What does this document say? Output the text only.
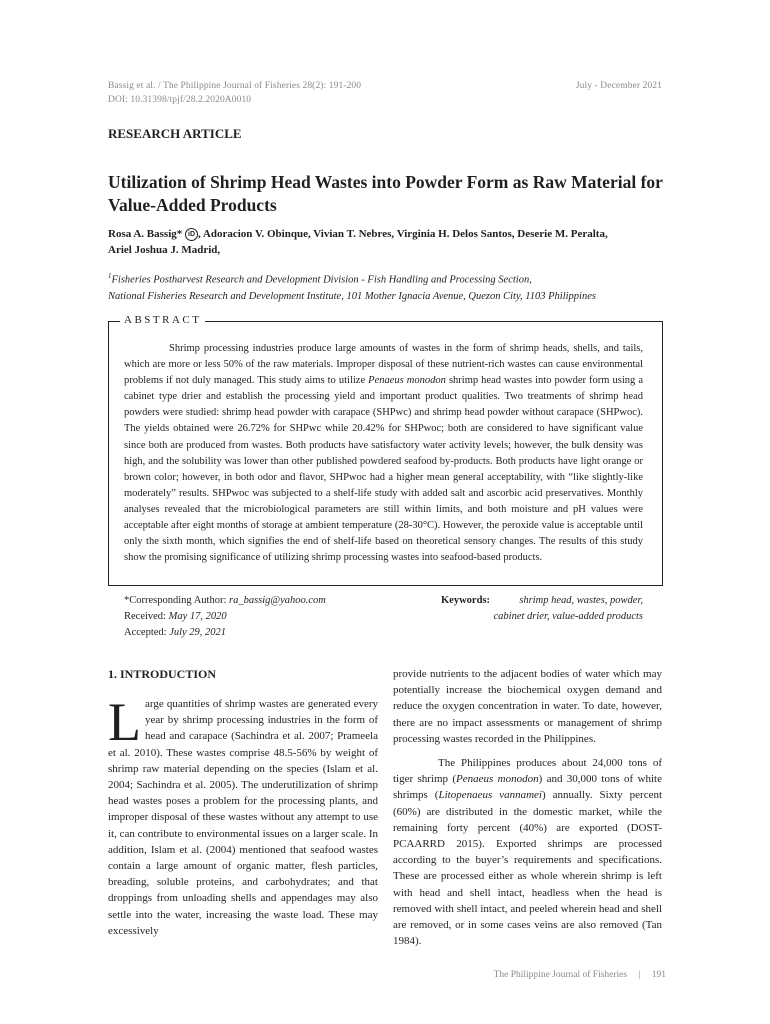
Bassig et al. / The Philippine Journal of Fisheries 28(2): 191-200
DOI: 10.31398/tpjf/28.2.2020A0010
July - December 2021
RESEARCH ARTICLE
Utilization of Shrimp Head Wastes into Powder Form as Raw Material for Value-Added Products
Rosa A. Bassig* iD , Adoracion V. Obinque, Vivian T. Nebres, Virginia H. Delos Santos, Deserie M. Peralta,
Ariel Joshua J. Madrid,
$^1$Fisheries Postharvest Research and Development Division - Fish Handling and Processing Section,
National Fisheries Research and Development Institute, 101 Mother Ignacia Avenue, Quezon City, 1103 Philippines
ABSTRACT
Shrimp processing industries produce large amounts of wastes in the form of shrimp heads, shells, and tails, which are more or less 50% of the raw materials. Improper disposal of these nutrient-rich wastes can cause environmental problems if not duly managed. This study aims to utilize Penaeus monodon shrimp head wastes into powder form using a cabinet type drier and establish the processing yield and important product qualities. Two treatments of shrimp head powders were studied: shrimp head powder with carapace (SHPwc) and shrimp head powder without carapace (SHPwoc). The yields obtained were 26.72% for SHPwc while 20.42% for SHPwoc; both are considered to have significant value since both are produced from wastes. Both products have satisfactory water activity levels; however, the bulk density was high, and the solubility was lower than other published powdered seafood by-products. Both products have light orange or brown color; however, in both odor and flavor, SHPwoc had a higher mean general acceptability, with “like slightly-like moderately” results. SHPwoc was subjected to a shelf-life study with added salt and ascorbic acid preservatives. Monthly analyses revealed that the microbiological parameters are still within limits, and both moisture and pH values were acceptable after eight months of storage at ambient temperature (28-30°C). However, the peroxide value is acceptable until only the sixth month, which signifies the end of shelf-life based on theoretical sensory changes. The results of this study show the promising significance of utilizing shrimp processing wastes into seafood-based products.
*Corresponding Author: ra_bassig@yahoo.com
Received: May 17, 2020
Accepted: July 29, 2021
Keywords:	shrimp head, wastes, powder,
cabinet drier, value-added products
1. INTRODUCTION

Large quantities of shrimp wastes are generated every year by shrimp processing industries in the form of head and carapace (Sachindra et al. 2007; Prameela et al. 2010). These wastes comprise 48.5-56% by weight of shrimp raw material depending on the species (Islam et al. 2004; Sachindra et al. 2005). The underutilization of shrimp head wastes poses a problem for the processing plants, and improper disposal of these wastes without any attempt to use it, can contribute to environmental issues on a larger scale. In addition, Islam et al. (2004) mentioned that seafood wastes contain a large amount of organic matter, flesh particles, breading, soluble proteins, and carbohydrates; and that droppings from unloading shells and appendages may also settle into the water, increasing the waste load. These may excessively

provide nutrients to the adjacent bodies of water which may potentially increase the biochemical oxygen demand and reduce the oxygen concentration in water. To date, however, there are no impact assessments or management of shrimp processing wastes recorded in the Philippines.

The Philippines produces about 24,000 tons of tiger shrimp (Penaeus monodon) and 30,000 tons of white shrimps (Litopenaeus vannamei) annually. Sixty percent (60%) are distributed in the domestic market, while the remaining forty percent (40%) are exported (DOST-PCAARRD 2015). Exported shrimps are processed according to the buyer’s requirements and specifications. These are processed either as whole wherein shrimp is left with head and shell intact, headless when the head is removed with shell intact, and peeled wherein head and shell are removed, or in some cases veins are also removed (Tan 1984).

The Philippine Journal of Fisheries | 191
